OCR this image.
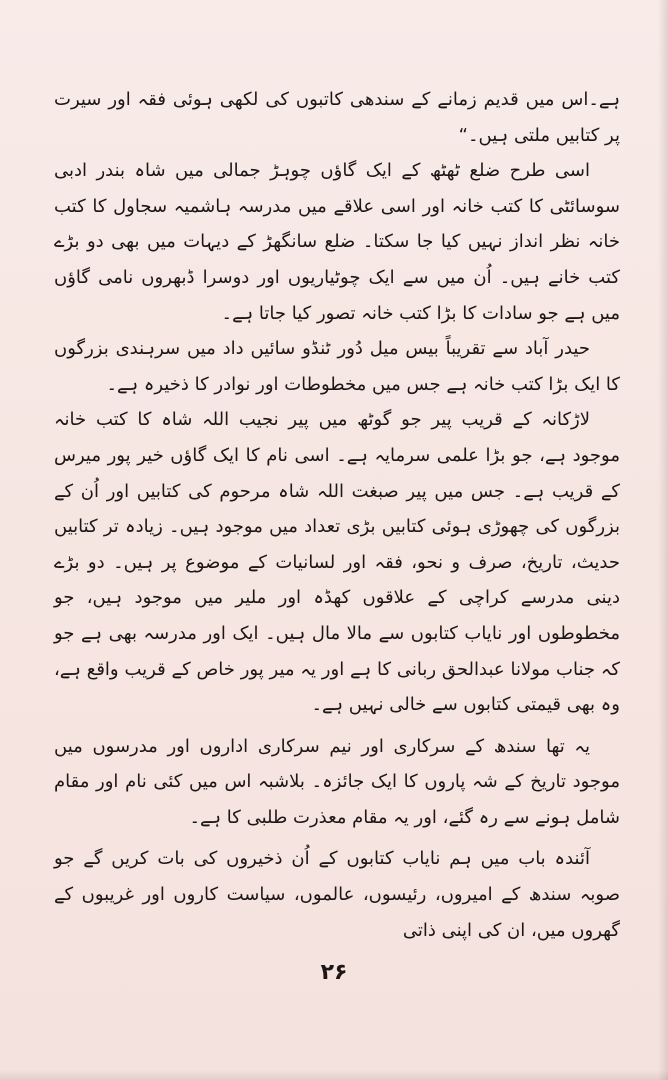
ہے۔اس میں قدیم زمانے کے سندھی کاتبوں کی لکھی ہوئی فقہ اور سیرت پر کتابیں ملتی ہیں۔“

اسی طرح ضلع ٹھٹھ کے ایک گاؤں چوہڑ جمالی میں شاہ بندر ادبی سوسائٹی کا کتب خانہ اور اسی علاقے میں مدرسہ ہاشمیہ سجاول کا کتب خانہ نظر انداز نہیں کیا جا سکتا۔ ضلع سانگھڑ کے دیہات میں بھی دو بڑے کتب خانے ہیں۔ اُن میں سے ایک چوٹیاریوں اور دوسرا ڈبھروں نامی گاؤں میں ہے جو سادات کا بڑا کتب خانہ تصور کیا جاتا ہے۔

حیدر آباد سے تقریباً بیس میل دُور ٹنڈو سائیں داد میں سرہندی بزرگوں کا ایک بڑا کتب خانہ ہے جس میں مخطوطات اور نوادر کا ذخیرہ ہے۔

لاڑکانہ کے قریب پیر جو گوٹھ میں پیر نجیب اللہ شاہ کا کتب خانہ موجود ہے، جو بڑا علمی سرمایہ ہے۔ اسی نام کا ایک گاؤں خیر پور میرس کے قریب ہے۔ جس میں پیر صبغت اللہ شاہ مرحوم کی کتابیں اور اُن کے بزرگوں کی چھوڑی ہوئی کتابیں بڑی تعداد میں موجود ہیں۔ زیادہ تر کتابیں حدیث، تاریخ، صرف و نحو، فقہ اور لسانیات کے موضوع پر ہیں۔ دو بڑے دینی مدرسے کراچی کے علاقوں کھڈہ اور ملیر میں موجود ہیں، جو مخطوطوں اور نایاب کتابوں سے مالا مال ہیں۔ ایک اور مدرسہ بھی ہے جو کہ جناب مولانا عبدالحق ربانی کا ہے اور یہ میر پور خاص کے قریب واقع ہے، وہ بھی قیمتی کتابوں سے خالی نہیں ہے۔

یہ تھا سندھ کے سرکاری اور نیم سرکاری اداروں اور مدرسوں میں موجود تاریخ کے شہ پاروں کا ایک جائزہ۔ بلاشبہ اس میں کئی نام اور مقام شامل ہونے سے رہ گئے، اور یہ مقام معذرت طلبی کا ہے۔

آئندہ باب میں ہم نایاب کتابوں کے اُن ذخیروں کی بات کریں گے جو صوبہ سندھ کے امیروں، رئیسوں، عالموں، سیاست کاروں اور غریبوں کے گھروں میں، ان کی اپنی ذاتی

۲۶
